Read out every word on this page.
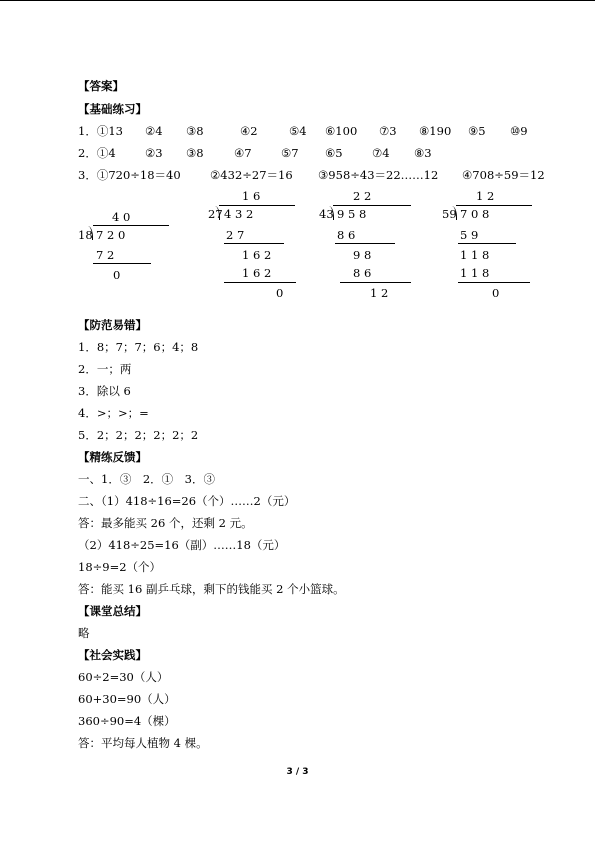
【答案】
【基础练习】
1．①13 ②4 ③8	④2	⑤4 ⑥100 ⑦3 ⑧190 ⑨5 ⑩9
2．①4	②3 ③8	④7	⑤7 ⑥5	⑦4 ⑧3
3．①720÷18＝40	②432÷27＝16 ③958÷43＝22……12 ④708÷59＝12
4 0
18 7 2 0
7 2
0
1 6
27 4 3 2
2 7
1 6 2
1 6 2
0
2 2
43 9 5 8
8 6
9 8
8 6
1 2
1 2
59 7 0 8
5 9
1 1 8
1 1 8
0
【防范易错】
1．8；7；7；6；4；8
2．一；两
3．除以 6
4．>；>；=
5．2；2；2；2；2；2
【精练反馈】
一、1．③　2．①　3．③
二、（1）418÷16=26（个）……2（元）
答：最多能买 26 个，还剩 2 元。
（2）418÷25=16（副）……18（元）
18÷9=2（个）
答：能买 16 副乒乓球，剩下的钱能买 2 个小篮球。
【课堂总结】
略
【社会实践】
60÷2=30（人）
60+30=90（人）
360÷90=4（棵）
答：平均每人植物 4 棵。
3 / 3
